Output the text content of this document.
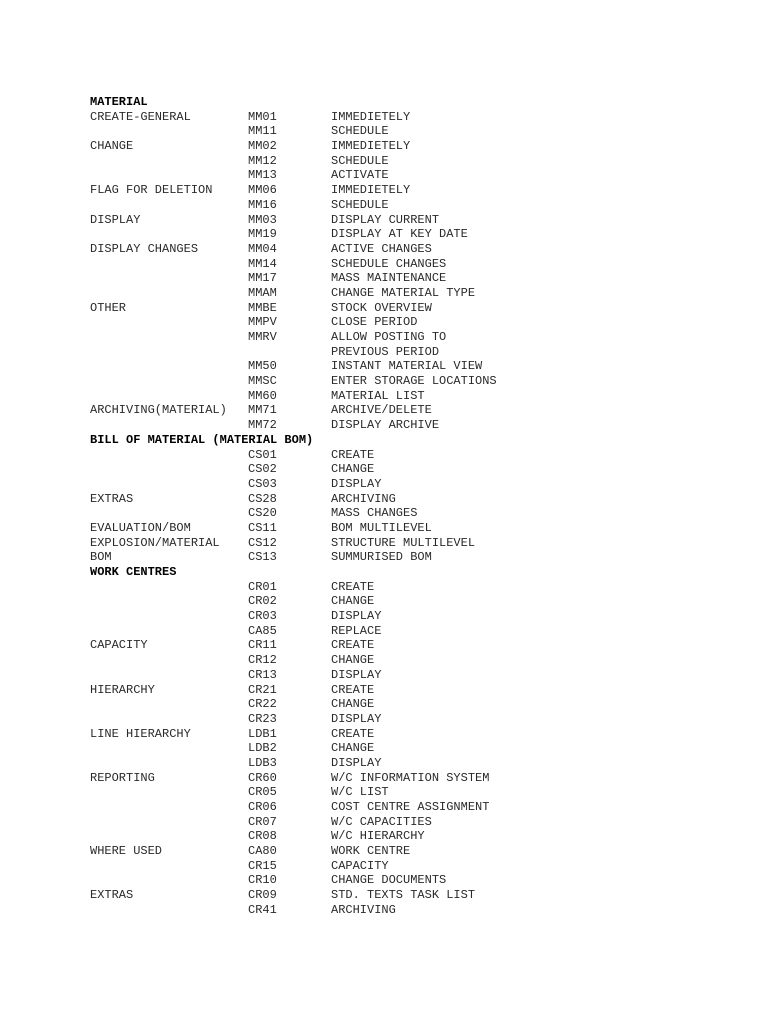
MATERIAL
CREATE-GENERAL	MM01	IMMEDIETELY
MM11	SCHEDULE
CHANGE	MM02	IMMEDIETELY
MM12	SCHEDULE
MM13	ACTIVATE
FLAG FOR DELETION	MM06	IMMEDIETELY
MM16	SCHEDULE
DISPLAY	MM03	DISPLAY CURRENT
MM19	DISPLAY AT KEY DATE
DISPLAY CHANGES	MM04	ACTIVE CHANGES
MM14	SCHEDULE CHANGES
MM17	MASS MAINTENANCE
MMAM	CHANGE MATERIAL TYPE
OTHER	MMBE	STOCK OVERVIEW
MMPV	CLOSE PERIOD
MMRV	ALLOW POSTING TO
PREVIOUS PERIOD
MM50	INSTANT MATERIAL VIEW
MMSC	ENTER STORAGE LOCATIONS
MM60	MATERIAL LIST
ARCHIVING(MATERIAL) MM71	ARCHIVE/DELETE
MM72	DISPLAY ARCHIVE
BILL OF MATERIAL (MATERIAL BOM)
CS01	CREATE
CS02	CHANGE
CS03	DISPLAY
EXTRAS	CS28	ARCHIVING
CS20	MASS CHANGES
EVALUATION/BOM	CS11	BOM MULTILEVEL
EXPLOSION/MATERIAL CS12	STRUCTURE MULTILEVEL
BOM	CS13	SUMMURISED BOM
WORK CENTRES
CR01	CREATE
CR02	CHANGE
CR03	DISPLAY
CA85	REPLACE
CAPACITY	CR11	CREATE
CR12	CHANGE
CR13	DISPLAY
HIERARCHY	CR21	CREATE
CR22	CHANGE
CR23	DISPLAY
LINE HIERARCHY	LDB1	CREATE
LDB2	CHANGE
LDB3	DISPLAY
REPORTING	CR60	W/C INFORMATION SYSTEM
CR05	W/C LIST
CR06	COST CENTRE ASSIGNMENT
CR07	W/C CAPACITIES
CR08	W/C HIERARCHY
WHERE USED	CA80	WORK CENTRE
CR15	CAPACITY
CR10	CHANGE DOCUMENTS
EXTRAS	CR09	STD. TEXTS TASK LIST
CR41	ARCHIVING
